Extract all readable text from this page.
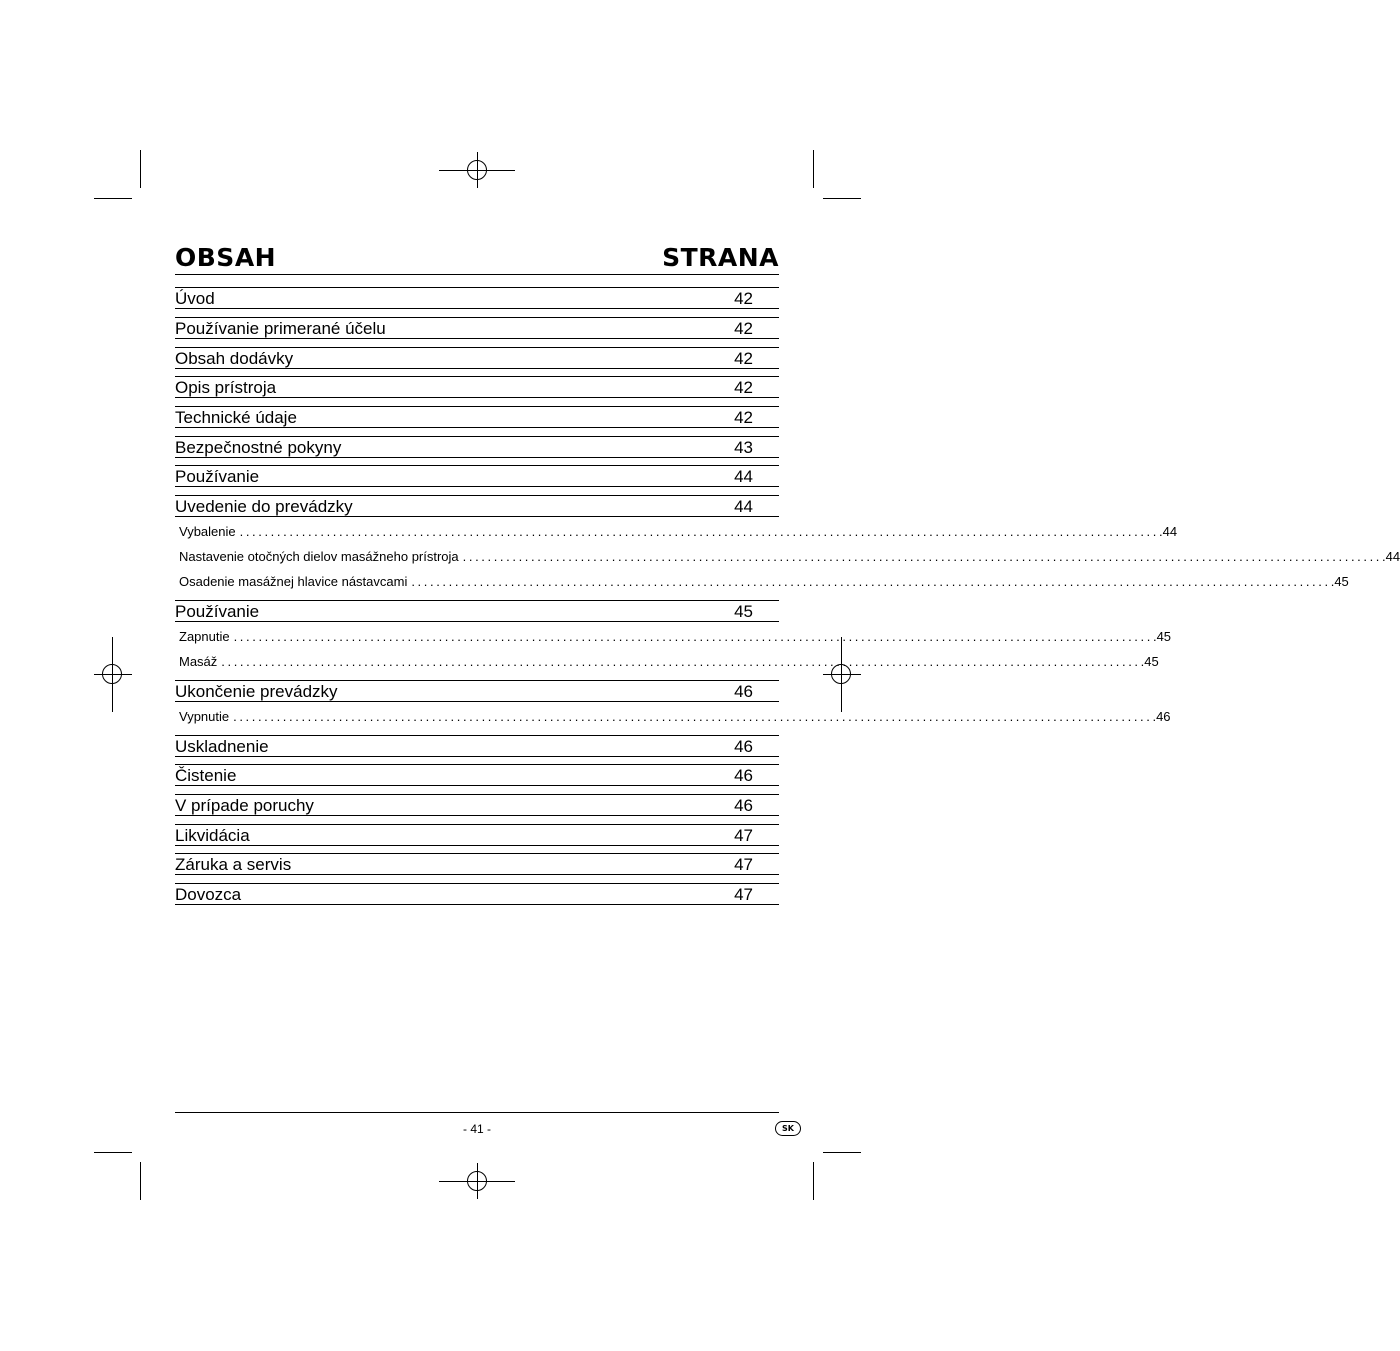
OBSAH	STRANA
Úvod	42
Používanie primerané účelu	42
Obsah dodávky	42
Opis prístroja	42
Technické údaje	42
Bezpečnostné pokyny	43
Používanie	44
Uvedenie do prevádzky	44
Vybalenie .................................................................................................................................................... .44
Nastavenie otočných dielov masážneho prístroja .................................................................................................................................................... .44
Osadenie masážnej hlavice nástavcami .................................................................................................................................................... .45
Používanie	45
Zapnutie .................................................................................................................................................... .45
Masáž .................................................................................................................................................... .45
Ukončenie prevádzky	46
Vypnutie .................................................................................................................................................... .46
Uskladnenie	46
Čistenie	46
V prípade poruchy	46
Likvidácia	47
Záruka a servis	47
Dovozca	47
- 41 -	SK
